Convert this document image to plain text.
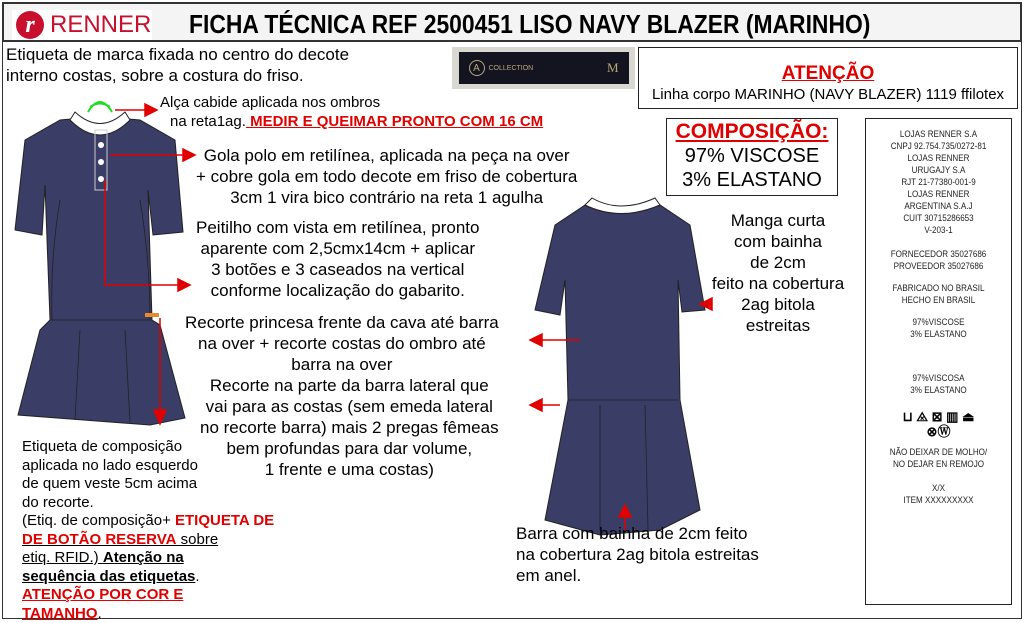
r RENNER FICHA TÉCNICA REF 2500451 LISO NAVY BLAZER (MARINHO)
Etiqueta de marca fixada no centro do decote
interno costas, sobre a costura do friso.	A	COLLECTION	M	ATENÇÃO
Linha corpo MARINHO (NAVY BLAZER) 1119 ffilotex
COMPOSIÇÃO:
97% VISCOSE
3% ELASTANO
LOJAS RENNER S.A
CNPJ 92.754.735/0272-81
LOJAS RENNER
URUGAJY S.A
RJT 21-77380-001-9
LOJAS RENNER
ARGENTINA S.A.J
CUIT 30715286653
V-203-1
FORNECEDOR 35027686
PROVEEDOR 35027686
FABRICADO NO BRASIL
HECHO EN BRASIL
97%VISCOSE
3% ELASTANO
97%VISCOSA
3% ELASTANO
⊔ ⨻ ⊠ ▥ ⏏
⊗Ⓦ
NÃO DEIXAR DE MOLHO/
NO DEJAR EN REMOJO
X/X
ITEM XXXXXXXXX
Alça cabide aplicada nos ombros
na reta1ag. MEDIR E QUEIMAR PRONTO COM 16 CM
Gola polo em retilínea, aplicada na peça na over
+ cobre gola em todo decote em friso de cobertura
3cm 1 vira bico contrário na reta 1 agulha
Peitilho com vista em retilínea, pronto
aparente com 2,5cmx14cm + aplicar
3 botões e 3 caseados na vertical
conforme localização do gabarito.
Recorte princesa frente da cava até barra
na over + recorte costas do ombro até
barra na over
Recorte na parte da barra lateral que
vai para as costas (sem emeda lateral
no recorte barra) mais 2 pregas fêmeas
bem profundas para dar volume,
1 frente e uma costas)
Manga curta
com bainha
de 2cm
feito na cobertura
2ag bitola
estreitas
Barra com bainha de 2cm feito
na cobertura 2ag bitola estreitas
em anel.
Etiqueta de composição
aplicada no lado esquerdo
de quem veste 5cm acima
do recorte.
(Etiq. de composição+ ETIQUETA DE
DE BOTÃO RESERVA sobre
etiq. RFID.) Atenção na
sequência das etiquetas.
ATENÇÃO POR COR E
TAMANHO.
